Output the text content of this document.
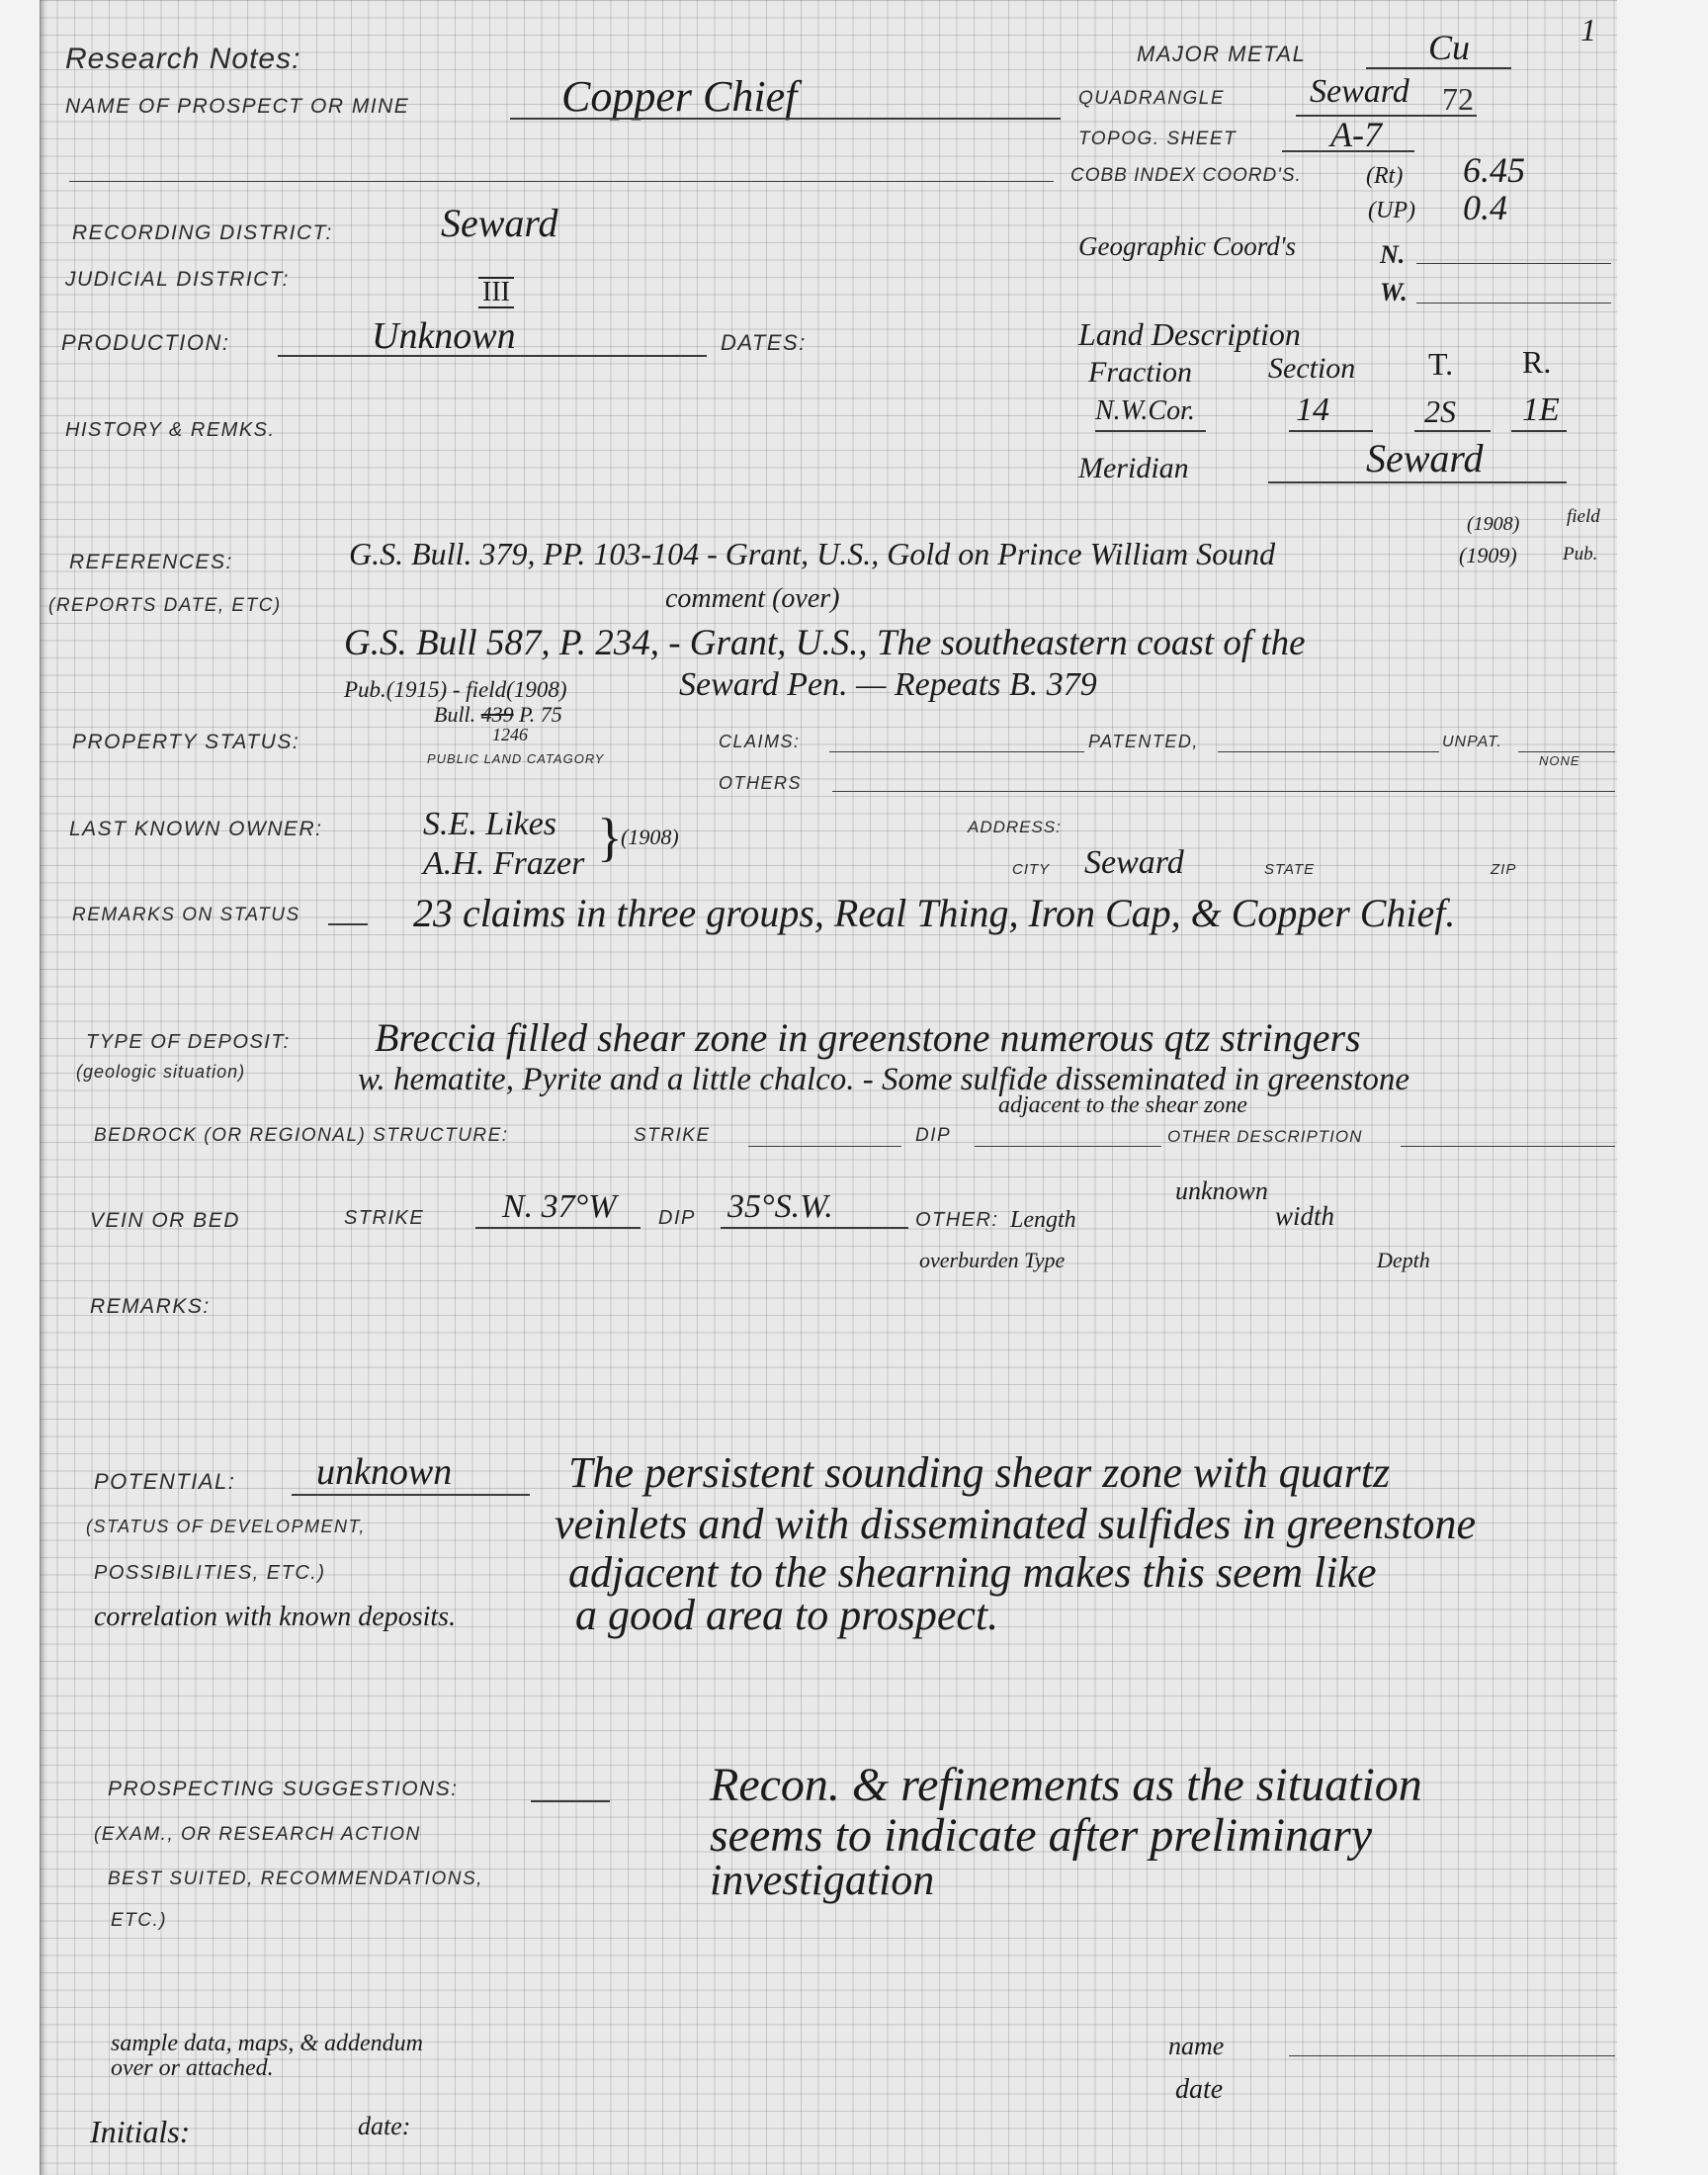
1
Research Notes:	MAJOR METAL	Cu
NAME OF PROSPECT OR MINE	Copper Chief	QUADRANGLE	Seward 72
TOPOG. SHEET	A-7
COBB INDEX COORD'S.	(Rt) 6.45
(UP) 0.4
Geographic Coord's	N.
W.
RECORDING DISTRICT:	Seward
JUDICIAL DISTRICT:	III
PRODUCTION:	Unknown	DATES:	Land Description
Fraction	Section T. R.
N.W.Cor.	14	2S 1E
HISTORY & REMKS.
Meridian	Seward
REFERENCES:
(REPORTS DATE, ETC)
G.S. Bull. 379, PP. 103-104 - Grant, U.S., Gold on Prince William Sound
(1908)	field
(1909) Pub.
comment (over)
G.S. Bull 587, P. 234, - Grant, U.S., The southeastern coast of the
Pub.(1915) - field(1908)	Seward Pen. — Repeats B. 379
Bull. 439 P. 75
1246
PROPERTY STATUS:
PUBLIC LAND CATAGORY
CLAIMS:	PATENTED,	UNPAT.
NONE
OTHERS
LAST KNOWN OWNER:	S.E. Likes
A.H. Frazer }
(1908)	ADDRESS:
CITY Seward	STATE	ZIP
REMARKS ON STATUS	23 claims in three groups, Real Thing, Iron Cap, & Copper Chief.
TYPE OF DEPOSIT:
(geologic situation)
Breccia filled shear zone in greenstone numerous qtz stringers
w. hematite, Pyrite and a little chalco. - Some sulfide disseminated in greenstone
adjacent to the shear zone
BEDROCK (OR REGIONAL) STRUCTURE:	STRIKE	DIP	OTHER DESCRIPTION
VEIN OR BED	STRIKE N. 37°W DIP 35°S.W.	OTHER: Length
unknown
width
overburden Type	Depth
REMARKS:
POTENTIAL: unknown
(STATUS OF DEVELOPMENT,
POSSIBILITIES, ETC.)
correlation with known deposits.
The persistent sounding shear zone with quartz
veinlets and with disseminated sulfides in greenstone
adjacent to the shearning makes this seem like
a good area to prospect.
PROSPECTING SUGGESTIONS:
(EXAM., OR RESEARCH ACTION
BEST SUITED, RECOMMENDATIONS,
ETC.)
Recon. & refinements as the situation
seems to indicate after preliminary
investigation
sample data, maps, & addendum
over or attached.
name
date
Initials:	date:
